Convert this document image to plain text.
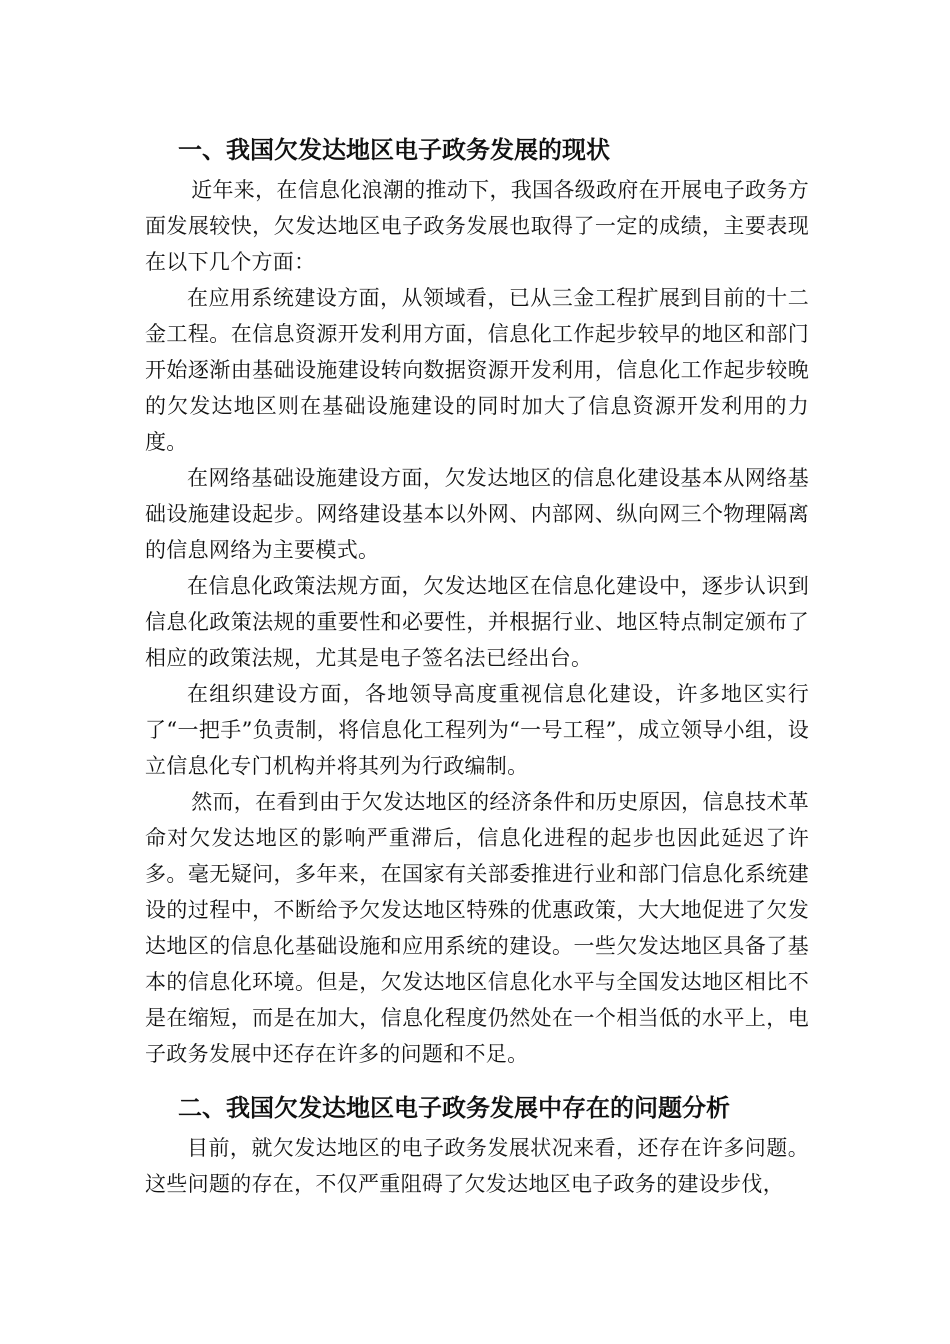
一、我国欠发达地区电子政务发展的现状

近年来，在信息化浪潮的推动下，我国各级政府在开展电子政务方面发展较快，欠发达地区电子政务发展也取得了一定的成绩，主要表现在以下几个方面：

在应用系统建设方面，从领域看，已从三金工程扩展到目前的十二金工程。在信息资源开发利用方面，信息化工作起步较早的地区和部门开始逐渐由基础设施建设转向数据资源开发利用，信息化工作起步较晚的欠发达地区则在基础设施建设的同时加大了信息资源开发利用的力度。

在网络基础设施建设方面，欠发达地区的信息化建设基本从网络基础设施建设起步。网络建设基本以外网、内部网、纵向网三个物理隔离的信息网络为主要模式。

在信息化政策法规方面，欠发达地区在信息化建设中，逐步认识到信息化政策法规的重要性和必要性，并根据行业、地区特点制定颁布了相应的政策法规，尤其是电子签名法已经出台。

在组织建设方面，各地领导高度重视信息化建设，许多地区实行了“一把手”负责制，将信息化工程列为“一号工程”，成立领导小组，设立信息化专门机构并将其列为行政编制。

然而，在看到由于欠发达地区的经济条件和历史原因，信息技术革命对欠发达地区的影响严重滞后，信息化进程的起步也因此延迟了许多。毫无疑问，多年来，在国家有关部委推进行业和部门信息化系统建设的过程中，不断给予欠发达地区特殊的优惠政策，大大地促进了欠发达地区的信息化基础设施和应用系统的建设。一些欠发达地区具备了基本的信息化环境。但是，欠发达地区信息化水平与全国发达地区相比不是在缩短，而是在加大，信息化程度仍然处在一个相当低的水平上，电子政务发展中还存在许多的问题和不足。

二、我国欠发达地区电子政务发展中存在的问题分析

目前，就欠发达地区的电子政务发展状况来看，还存在许多问题。这些问题的存在，不仅严重阻碍了欠发达地区电子政务的建设步伐，
